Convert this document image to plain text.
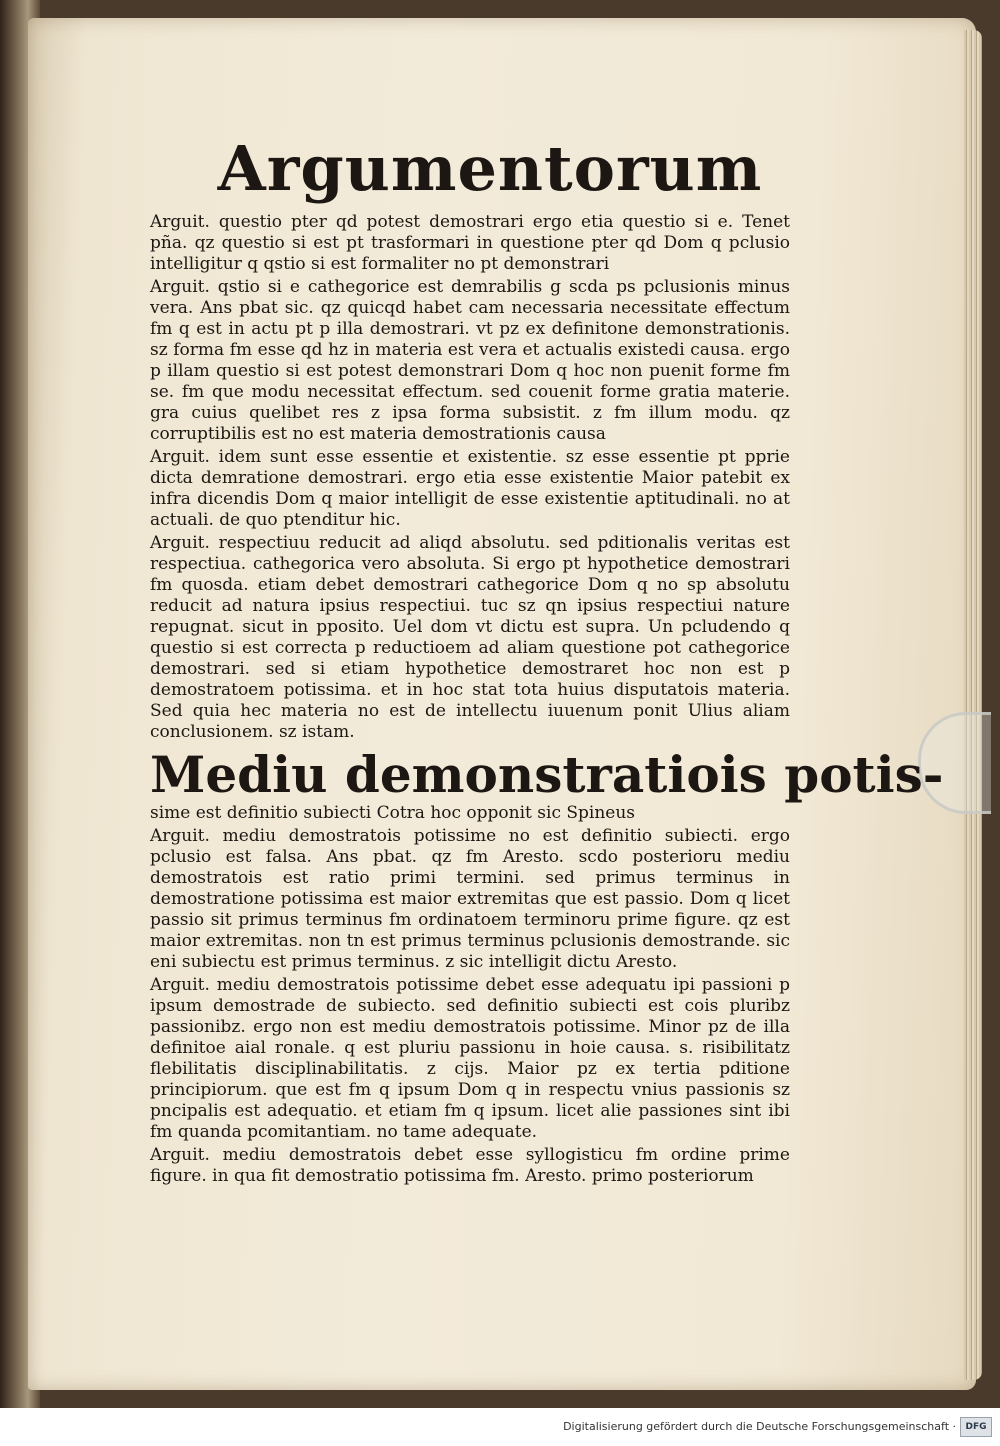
Argumentorum

Arguit. questio pter qd potest demostrari ergo etia questio si e. Tenet pña. qz questio si est pt trasformari in questione pter qd Dom q pclusio intelligitur q qstio si est formaliter no pt demonstrari

Arguit. qstio si e cathegorice est demrabilis g scda ps pclusionis minus vera. Ans pbat sic. qz quicqd habet cam necessaria necessitate effectum fm q est in actu pt p illa demostrari. vt pz ex definitone demonstrationis. sz forma fm esse qd hz in materia est vera et actualis existedi causa. ergo p illam questio si est potest demonstrari Dom q hoc non puenit forme fm se. fm que modu necessitat effectum. sed couenit forme gratia materie. gra cuius quelibet res z ipsa forma subsistit. z fm illum modu. qz corruptibilis est no est materia demostrationis causa

Arguit. idem sunt esse essentie et existentie. sz esse essentie pt pprie dicta demratione demostrari. ergo etia esse existentie Maior patebit ex infra dicendis Dom q maior intelligit de esse existentie aptitudinali. no at actuali. de quo ptenditur hic.

Arguit. respectiuu reducit ad aliqd absolutu. sed pditionalis veritas est respectiua. cathegorica vero absoluta. Si ergo pt hypothetice demostrari fm quosda. etiam debet demostrari cathegorice Dom q no sp absolutu reducit ad natura ipsius respectiui. tuc sz qn ipsius respectiui nature repugnat. sicut in pposito. Uel dom vt dictu est supra. Un pcludendo q questio si est correcta p reductioem ad aliam questione pot cathegorice demostrari. sed si etiam hypothetice demostraret hoc non est p demostratoem potissima. et in hoc stat tota huius disputatois materia. Sed quia hec materia no est de intellectu iuuenum ponit Ulius aliam conclusionem. sz istam.

Mediu demonstratiois potis-

sime est definitio subiecti Cotra hoc opponit sic Spineus

Arguit. mediu demostratois potissime no est definitio subiecti. ergo pclusio est falsa. Ans pbat. qz fm Aresto. scdo posterioru mediu demostratois est ratio primi termini. sed primus terminus in demostratione potissima est maior extremitas que est passio. Dom q licet passio sit primus terminus fm ordinatoem terminoru prime figure. qz est maior extremitas. non tn est primus terminus pclusionis demostrande. sic eni subiectu est primus terminus. z sic intelligit dictu Aresto.

Arguit. mediu demostratois potissime debet esse adequatu ipi passioni p ipsum demostrade de subiecto. sed definitio subiecti est cois pluribz passionibz. ergo non est mediu demostratois potissime. Minor pz de illa definitoe aial ronale. q est pluriu passionu in hoie causa. s. risibilitatz flebilitatis disciplinabilitatis. z cijs. Maior pz ex tertia pditione principiorum. que est fm q ipsum Dom q in respectu vnius passionis sz pncipalis est adequatio. et etiam fm q ipsum. licet alie passiones sint ibi fm quanda pcomitantiam. no tame adequate.

Arguit. mediu demostratois debet esse syllogisticu fm ordine prime figure. in qua fit demostratio potissima fm. Aresto. primo posteriorum

Digitalisierung gefördert durch die Deutsche Forschungsgemeinschaft ·	DFG
